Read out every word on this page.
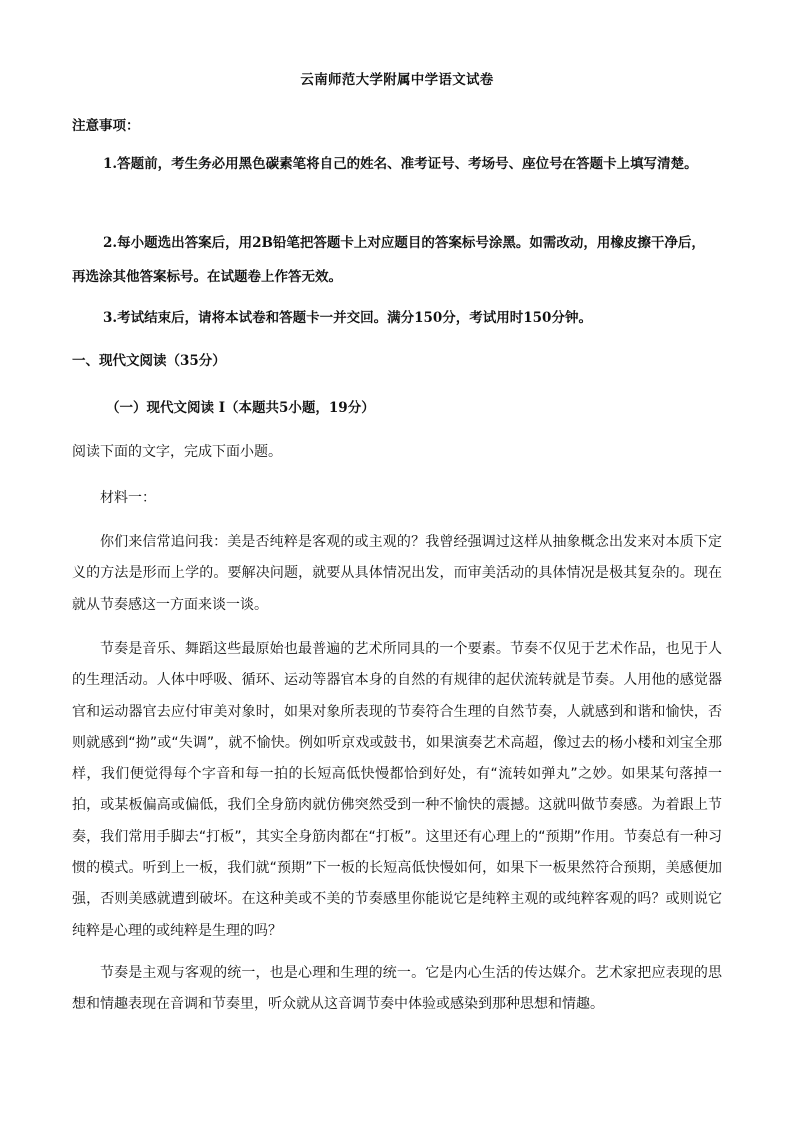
云南师范大学附属中学语文试卷
注意事项：

1.答题前，考生务必用黑色碳素笔将自己的姓名、准考证号、考场号、座位号在答题卡上填写清楚。

2.每小题选出答案后，用2B铅笔把答题卡上对应题目的答案标号涂黑。如需改动，用橡皮擦干净后，再选涂其他答案标号。在试题卷上作答无效。

3.考试结束后，请将本试卷和答题卡一并交回。满分150分，考试用时150分钟。

一、现代文阅读（35分）
（一）现代文阅读 I（本题共5小题，19分）
阅读下面的文字，完成下面小题。
材料一：

你们来信常追问我：美是否纯粹是客观的或主观的？我曾经强调过这样从抽象概念出发来对本质下定义的方法是形而上学的。要解决问题，就要从具体情况出发，而审美活动的具体情况是极其复杂的。现在就从节奏感这一方面来谈一谈。

节奏是音乐、舞蹈这些最原始也最普遍的艺术所同具的一个要素。节奏不仅见于艺术作品，也见于人的生理活动。人体中呼吸、循环、运动等器官本身的自然的有规律的起伏流转就是节奏。人用他的感觉器官和运动器官去应付审美对象时，如果对象所表现的节奏符合生理的自然节奏，人就感到和谐和愉快，否则就感到“拗”或“失调”，就不愉快。例如听京戏或鼓书，如果演奏艺术高超，像过去的杨小楼和刘宝全那样，我们便觉得每个字音和每一拍的长短高低快慢都恰到好处，有“流转如弹丸”之妙。如果某句落掉一拍，或某板偏高或偏低，我们全身筋肉就仿佛突然受到一种不愉快的震撼。这就叫做节奏感。为着跟上节奏，我们常用手脚去“打板”，其实全身筋肉都在“打板”。这里还有心理上的“预期”作用。节奏总有一种习惯的模式。听到上一板，我们就“预期”下一板的长短高低快慢如何，如果下一板果然符合预期，美感便加强，否则美感就遭到破坏。在这种美或不美的节奏感里你能说它是纯粹主观的或纯粹客观的吗？或则说它纯粹是心理的或纯粹是生理的吗？

节奏是主观与客观的统一，也是心理和生理的统一。它是内心生活的传达媒介。艺术家把应表现的思想和情趣表现在音调和节奏里，听众就从这音调节奏中体验或感染到那种思想和情趣。
